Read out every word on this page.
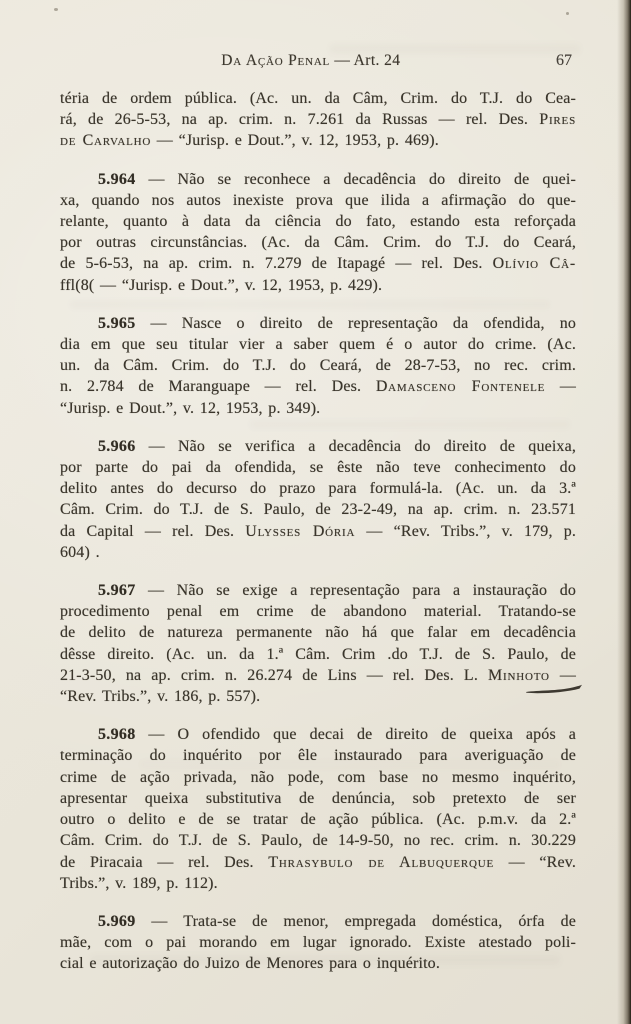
Da Ação Penal — Art. 24	67
téria de ordem pública. (Ac. un. da Câm, Crim. do T.J. do Cea-
rá, de 26-5-53, na ap. crim. n. 7.261 da Russas — rel. Des. Pires
de Carvalho — “Jurisp. e Dout.”, v. 12, 1953, p. 469).
5.964 — Não se reconhece a decadência do direito de quei-
xa, quando nos autos inexiste prova que ilida a afirmação do que-
relante, quanto à data da ciência do fato, estando esta reforçada
por outras circunstâncias. (Ac. da Câm. Crim. do T.J. do Ceará,
de 5-6-53, na ap. crim. n. 7.279 de Itapagé — rel. Des. Olívio Câ-
ffl(8( — “Jurisp. e Dout.”, v. 12, 1953, p. 429).
5.965 — Nasce o direito de representação da ofendida, no
dia em que seu titular vier a saber quem é o autor do crime. (Ac.
un. da Câm. Crim. do T.J. do Ceará, de 28-7-53, no rec. crim.
n. 2.784 de Maranguape — rel. Des. Damasceno Fontenele —
“Jurisp. e Dout.”, v. 12, 1953, p. 349).
5.966 — Não se verifica a decadência do direito de queixa,
por parte do pai da ofendida, se êste não teve conhecimento do
delito antes do decurso do prazo para formulá-la. (Ac. un. da 3.ª
Câm. Crim. do T.J. de S. Paulo, de 23-2-49, na ap. crim. n. 23.571
da Capital — rel. Des. Ulysses Dória — “Rev. Tribs.”, v. 179, p.
604) .
5.967 — Não se exige a representação para a instauração do
procedimento penal em crime de abandono material. Tratando-se
de delito de natureza permanente não há que falar em decadência
dêsse direito. (Ac. un. da 1.ª Câm. Crim .do T.J. de S. Paulo, de
21-3-50, na ap. crim. n. 26.274 de Lins — rel. Des. L. Minhoto —
“Rev. Tribs.”, v. 186, p. 557).
5.968 — O ofendido que decai de direito de queixa após a
terminação do inquérito por êle instaurado para averiguação de
crime de ação privada, não pode, com base no mesmo inquérito,
apresentar queixa substitutiva de denúncia, sob pretexto de ser
outro o delito e de se tratar de ação pública. (Ac. p.m.v. da 2.ª
Câm. Crim. do T.J. de S. Paulo, de 14-9-50, no rec. crim. n. 30.229
de Piracaia — rel. Des. Thrasybulo de Albuquerque — “Rev.
Tribs.”, v. 189, p. 112).
5.969 — Trata-se de menor, empregada doméstica, órfa de
mãe, com o pai morando em lugar ignorado. Existe atestado poli-
cial e autorização do Juizo de Menores para o inquérito.
